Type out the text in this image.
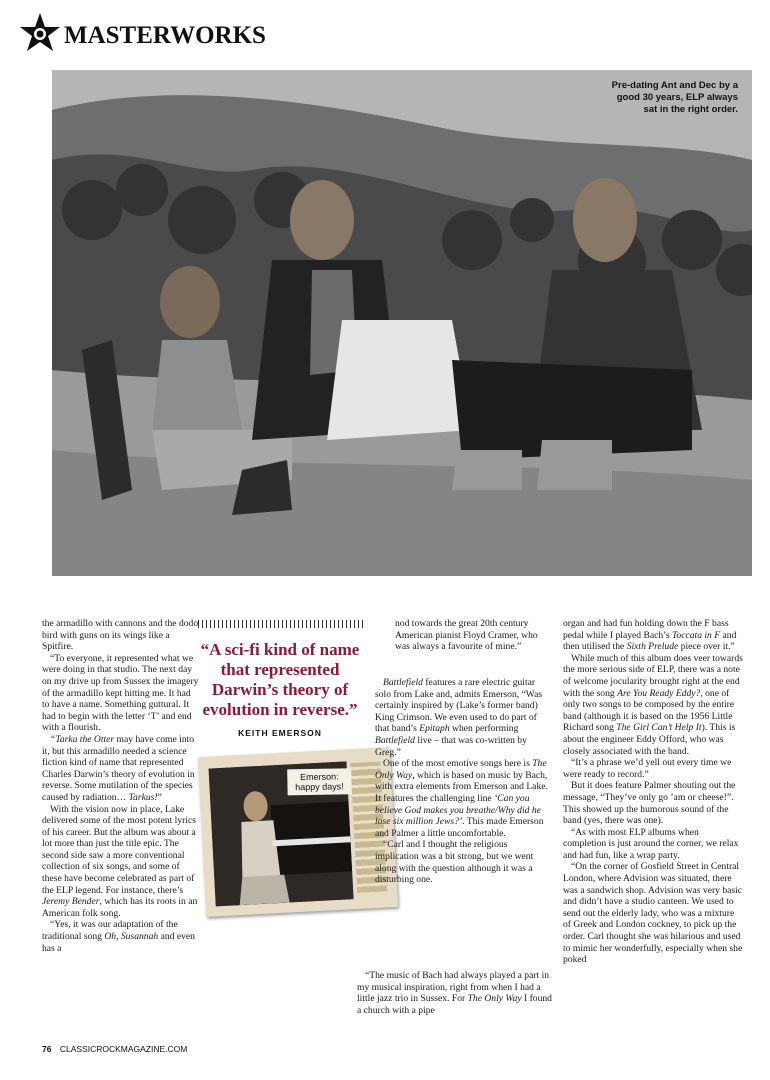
MASTERWORKS
Pre-dating Ant and Dec by a good 30 years, ELP always sat in the right order.

the armadillo with cannons and the dodo bird with guns on its wings like a Spitfire.

“To everyone, it represented what we were doing in that studio. The next day on my drive up from Sussex the imagery of the armadillo kept hitting me. It had to have a name. Something guttural. It had to begin with the letter ‘T’ and end with a flourish.

“Tarka the Otter may have come into it, but this armadillo needed a science fiction kind of name that represented Charles Darwin’s theory of evolution in reverse. Some mutilation of the species caused by radiation… Tarkus!”

With the vision now in place, Lake delivered some of the most potent lyrics of his career. But the album was about a lot more than just the title epic. The second side saw a more conventional collection of six songs, and some of these have become celebrated as part of the ELP legend. For instance, there’s Jeremy Bender, which has its roots in an American folk song.

“Yes, it was our adaptation of the traditional song Oh, Susannah and even has a

“A sci-fi kind of name that represented Darwin’s theory of evolution in reverse.”
KEITH EMERSON
Emerson: happy days!

nod towards the great 20th century American pianist Floyd Cramer, who was always a favourite of mine.”

Battlefield features a rare electric guitar solo from Lake and, admits Emerson, “Was certainly inspired by (Lake’s former band) King Crimson. We even used to do part of that band’s Epitaph when performing Battlefield live – that was co-written by Greg.”

One of the most emotive songs here is The Only Way, which is based on music by Bach, with extra elements from Emerson and Lake. It features the challenging line ‘Can you believe God makes you breathe/Why did he lose six million Jews?’. This made Emerson and Palmer a little uncomfortable.

“Carl and I thought the religious implication was a bit strong, but we went along with the question although it was a disturbing one.

“The music of Bach had always played a part in my musical inspiration, right from when I had a little jazz trio in Sussex. For The Only Way I found a church with a pipe

organ and had fun holding down the F bass pedal while I played Bach’s Toccata in F and then utilised the Sixth Prelude piece over it.”

While much of this album does veer towards the more serious side of ELP, there was a note of welcome jocularity brought right at the end with the song Are You Ready Eddy?, one of only two songs to be composed by the entire band (although it is based on the 1956 Little Richard song The Girl Can’t Help It). This is about the engineer Eddy Offord, who was closely associated with the band.

“It’s a phrase we’d yell out every time we were ready to record.”

But it does feature Palmer shouting out the message, “They’ve only go ’am or cheese!”. This showed up the humorous sound of the band (yes, there was one).

“As with most ELP albums when completion is just around the corner, we relax and had fun, like a wrap party.

“On the corner of Gosfield Street in Central London, where Advision was situated, there was a sandwich shop. Advision was very basic and didn’t have a studio canteen. We used to send out the elderly lady, who was a mixture of Greek and London cockney, to pick up the order. Carl thought she was hilarious and used to mimic her wonderfully, especially when she poked

76 CLASSICROCKMAGAZINE.COM
